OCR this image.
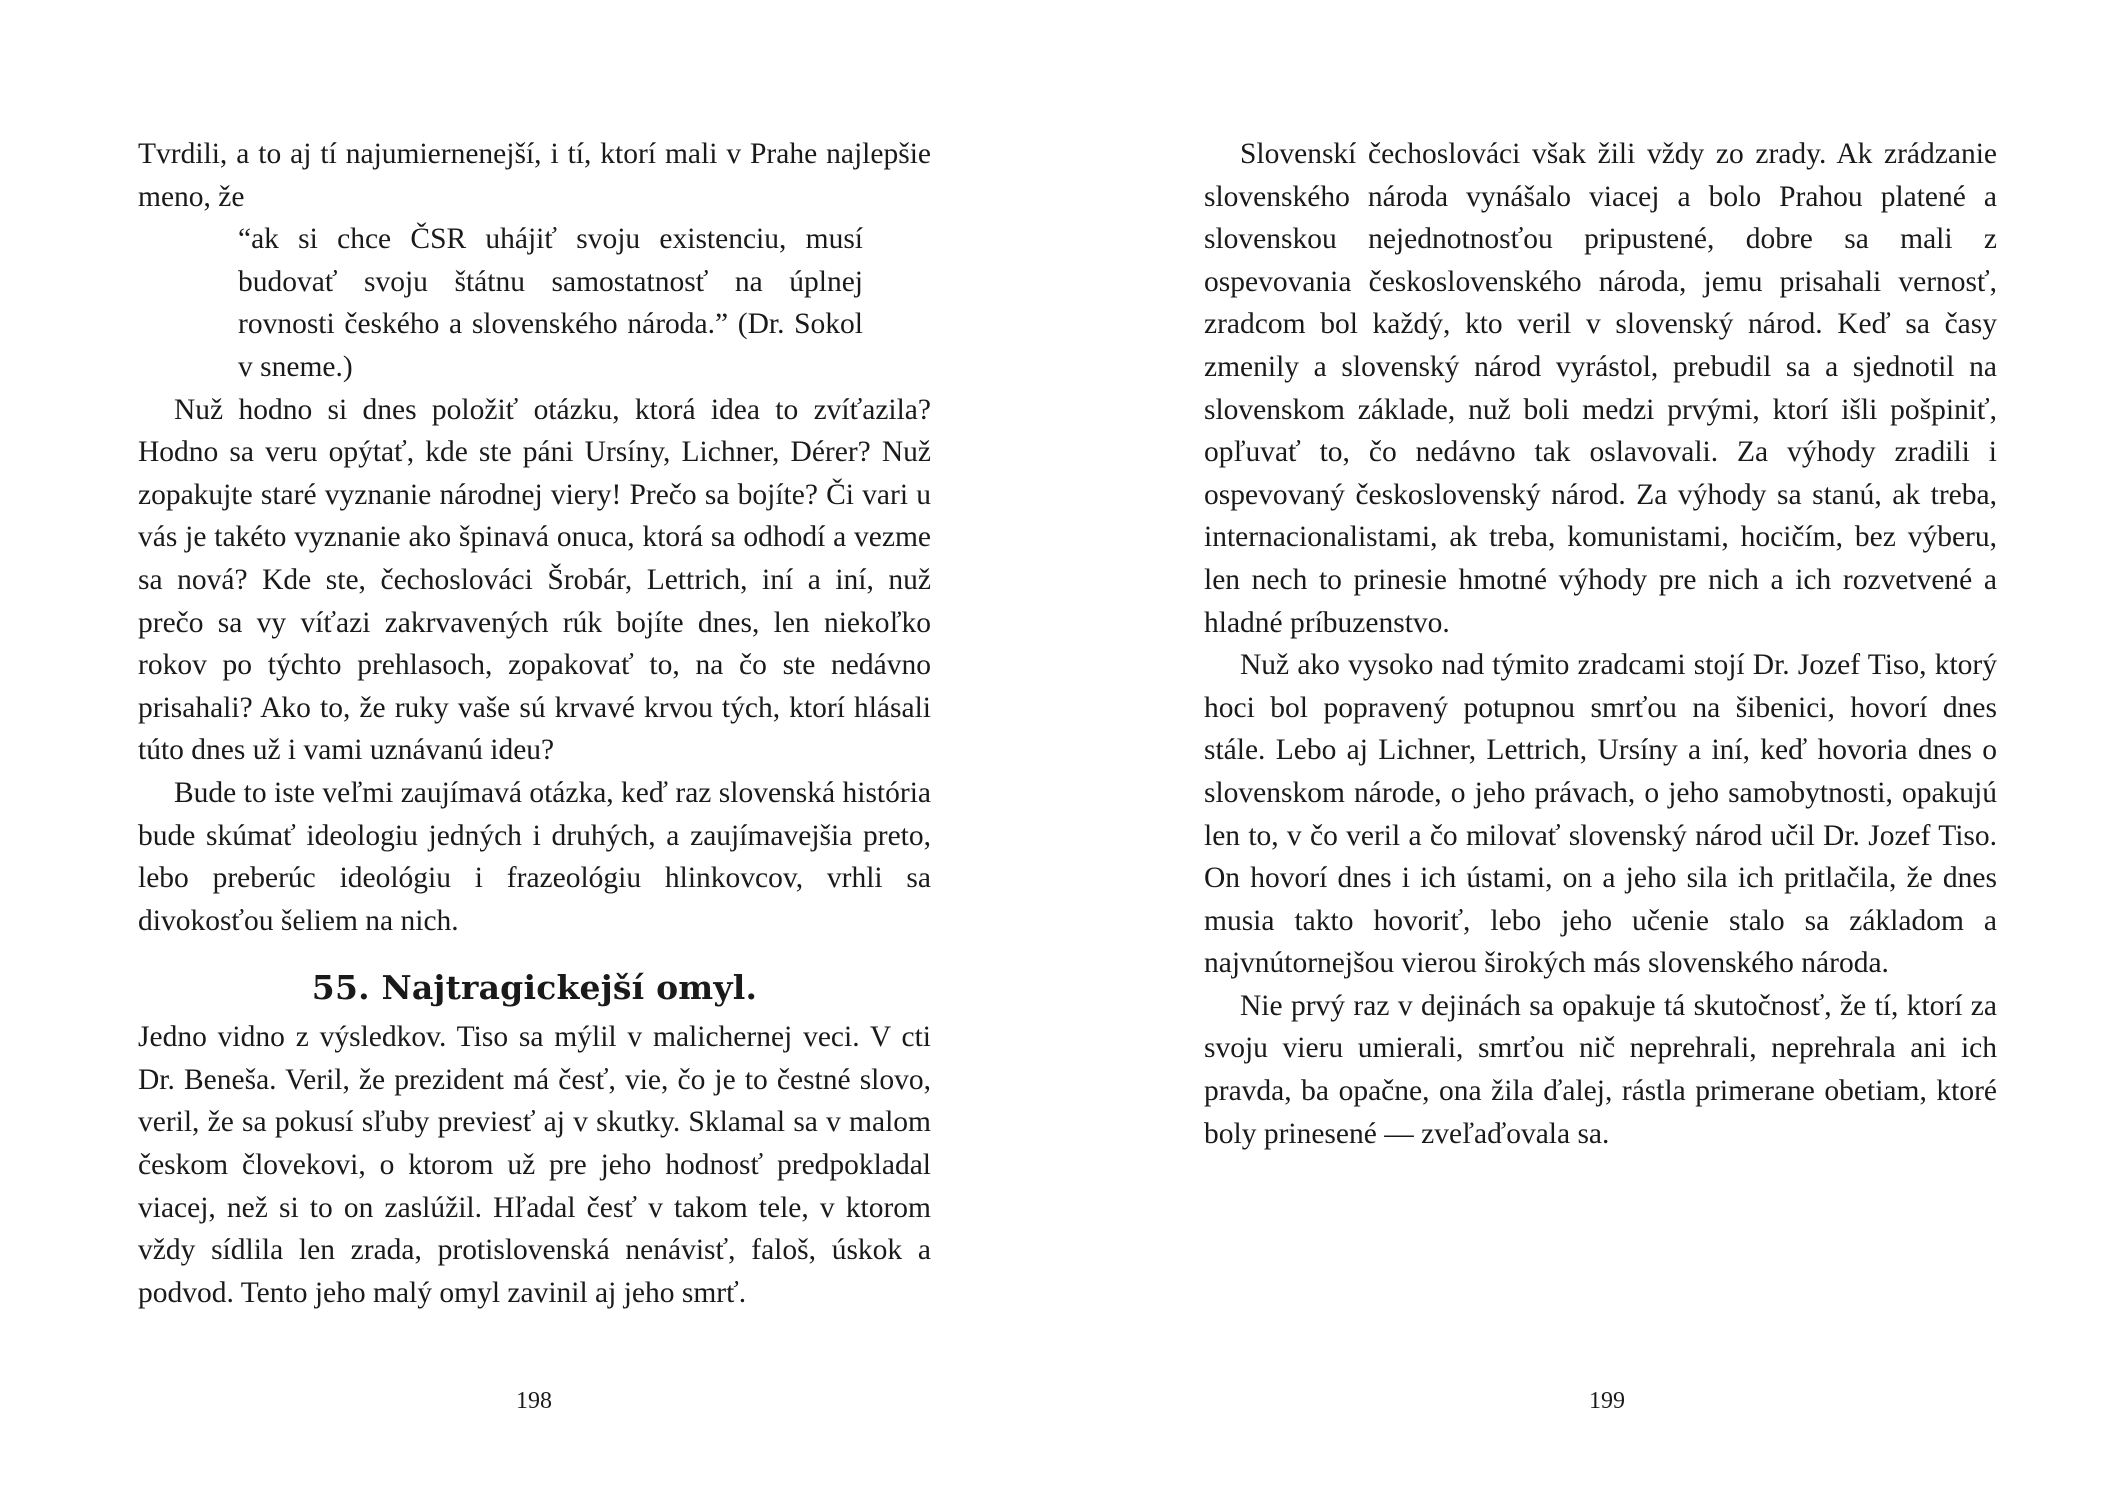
Tvrdili, a to aj tí najumiernenejší, i tí, ktorí mali v Prahe najlepšie meno, že

“ak si chce ČSR uhájiť svoju existenciu, musí budovať svoju štátnu samostatnosť na úplnej rovnosti českého a slovenského národa.” (Dr. Sokol v sneme.)

Nuž hodno si dnes položiť otázku, ktorá idea to zvíťazila? Hodno sa veru opýtať, kde ste páni Ursíny, Lichner, Dérer? Nuž zopakujte staré vyznanie národnej viery! Prečo sa bojíte? Či vari u vás je takéto vyznanie ako špinavá onuca, ktorá sa odhodí a vezme sa nová? Kde ste, čechoslováci Šrobár, Lettrich, iní a iní, nuž prečo sa vy víťazi zakrvavených rúk bojíte dnes, len niekoľko rokov po týchto prehlasoch, zopakovať to, na čo ste nedávno prisahali? Ako to, že ruky vaše sú krvavé krvou tých, ktorí hlásali túto dnes už i vami uznávanú ideu?

Bude to iste veľmi zaujímavá otázka, keď raz slovenská história bude skúmať ideologiu jedných i druhých, a zaujímavejšia preto, lebo preberúc ideológiu i frazeológiu hlinkovcov, vrhli sa divokosťou šeliem na nich.

55. Najtragickejší omyl.

Jedno vidno z výsledkov. Tiso sa mýlil v malichernej veci. V cti Dr. Beneša. Veril, že prezident má česť, vie, čo je to čestné slovo, veril, že sa pokusí sľuby previesť aj v skutky. Sklamal sa v malom českom človekovi, o ktorom už pre jeho hodnosť predpokladal viacej, než si to on zaslúžil. Hľadal česť v takom tele, v ktorom vždy sídlila len zrada, protislovenská nenávisť, faloš, úskok a podvod. Tento jeho malý omyl zavinil aj jeho smrť.

198

Slovenskí čechoslováci však žili vždy zo zrady. Ak zrádzanie slovenského národa vynášalo viacej a bolo Prahou platené a slovenskou nejednotnosťou pripustené, dobre sa mali z ospevovania československého národa, jemu prisahali vernosť, zradcom bol každý, kto veril v slovenský národ. Keď sa časy zmenily a slovenský národ vyrástol, prebudil sa a sjednotil na slovenskom základe, nuž boli medzi prvými, ktorí išli pošpiniť, opľuvať to, čo nedávno tak oslavovali. Za výhody zradili i ospevovaný československý národ. Za výhody sa stanú, ak treba, internacionalistami, ak treba, komunistami, hocičím, bez výberu, len nech to prinesie hmotné výhody pre nich a ich rozvetvené a hladné príbuzenstvo.

Nuž ako vysoko nad týmito zradcami stojí Dr. Jozef Tiso, ktorý hoci bol popravený potupnou smrťou na šibenici, hovorí dnes stále. Lebo aj Lichner, Lettrich, Ursíny a iní, keď hovoria dnes o slovenskom národe, o jeho právach, o jeho samobytnosti, opakujú len to, v čo veril a čo milovať slovenský národ učil Dr. Jozef Tiso. On hovorí dnes i ich ústami, on a jeho sila ich pritlačila, že dnes musia takto hovoriť, lebo jeho učenie stalo sa základom a najvnútornejšou vierou širokých más slovenského národa.

Nie prvý raz v dejinách sa opakuje tá skutočnosť, že tí, ktorí za svoju vieru umierali, smrťou nič neprehrali, neprehrala ani ich pravda, ba opačne, ona žila ďalej, rástla primerane obetiam, ktoré boly prinesené — zveľaďovala sa.

199
